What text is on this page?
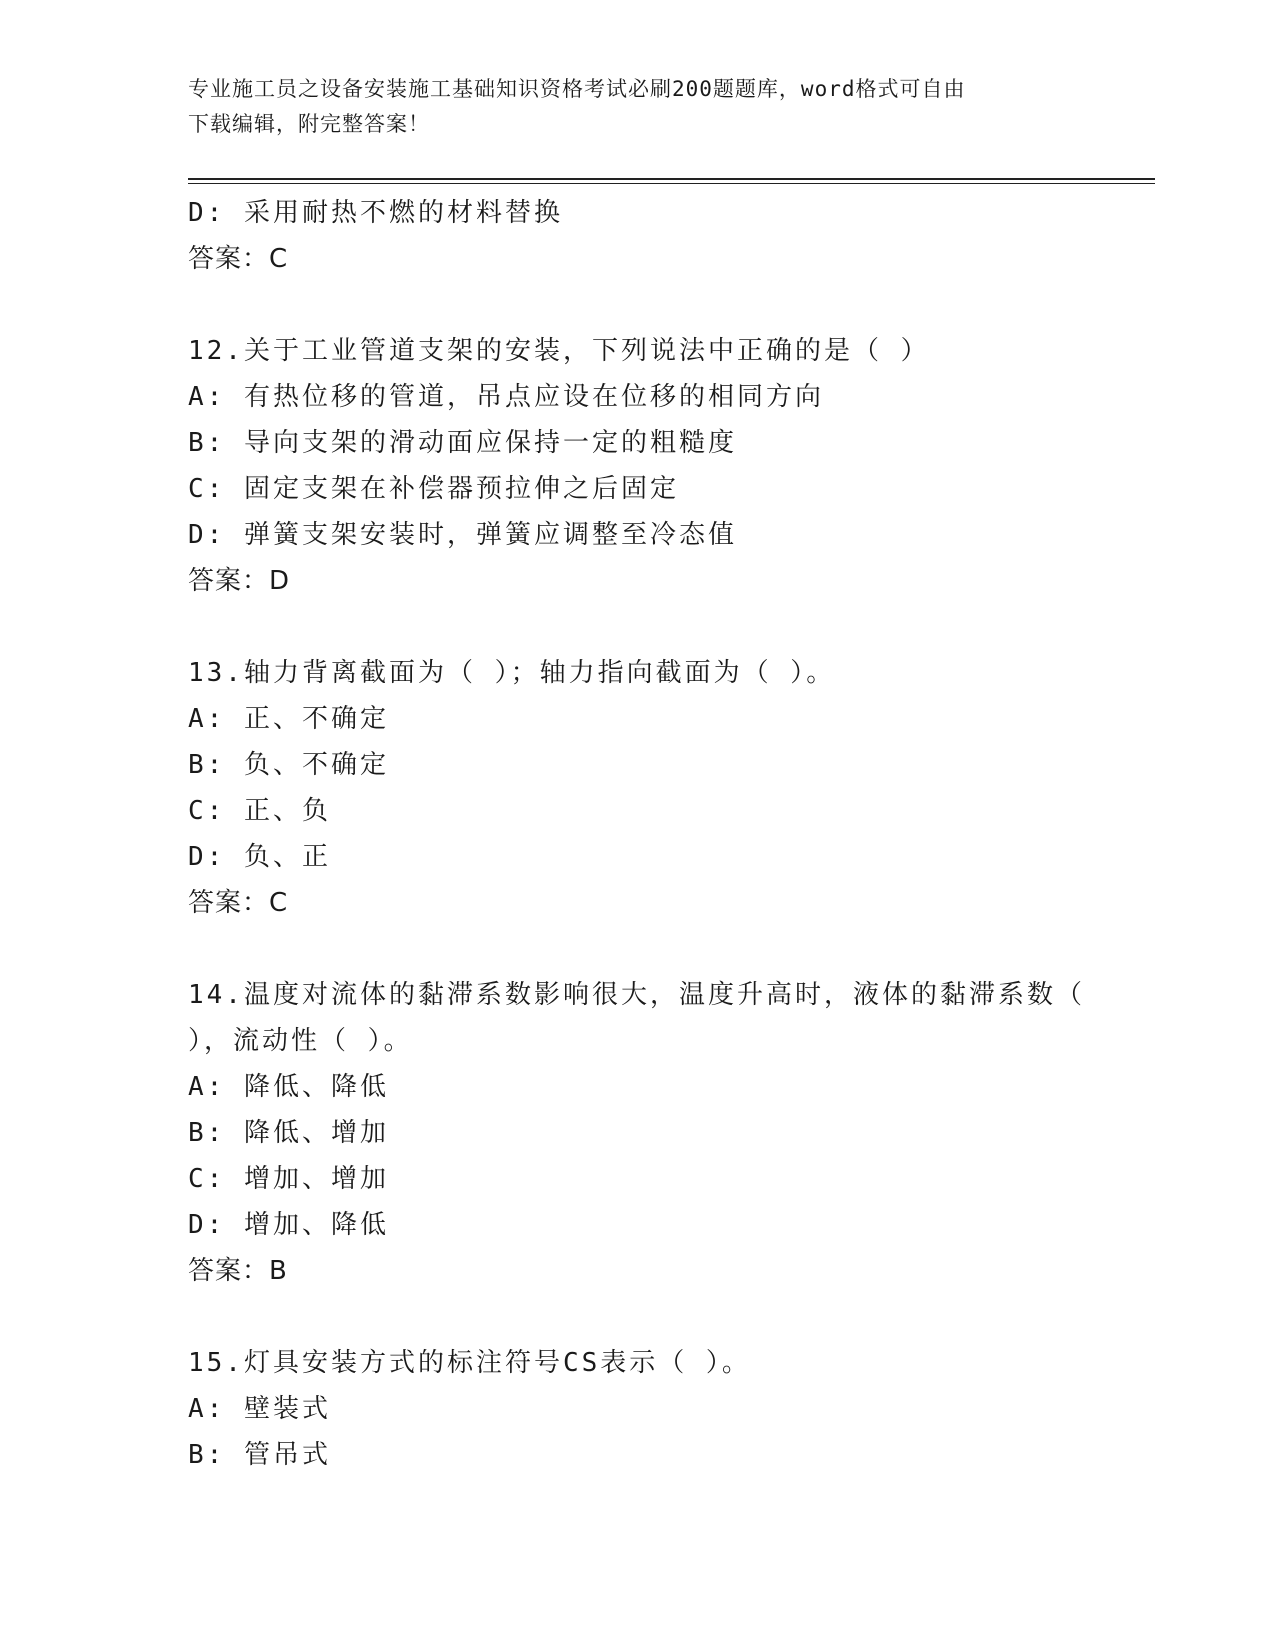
专业施工员之设备安装施工基础知识资格考试必刷200题题库，word格式可自由
下载编辑，附完整答案！
D: 采用耐热不燃的材料替换
答案：C
12.关于工业管道支架的安装，下列说法中正确的是（ ）
A: 有热位移的管道，吊点应设在位移的相同方向
B: 导向支架的滑动面应保持一定的粗糙度
C: 固定支架在补偿器预拉伸之后固定
D: 弹簧支架安装时，弹簧应调整至冷态值
答案：D
13.轴力背离截面为（ ）；轴力指向截面为（ ）。
A: 正、不确定
B: 负、不确定
C: 正、负
D: 负、正
答案：C
14.温度对流体的黏滞系数影响很大，温度升高时，液体的黏滞系数（
），流动性（ ）。
A: 降低、降低
B: 降低、增加
C: 增加、增加
D: 增加、降低
答案：B
15.灯具安装方式的标注符号CS表示（ ）。
A: 壁装式
B: 管吊式
